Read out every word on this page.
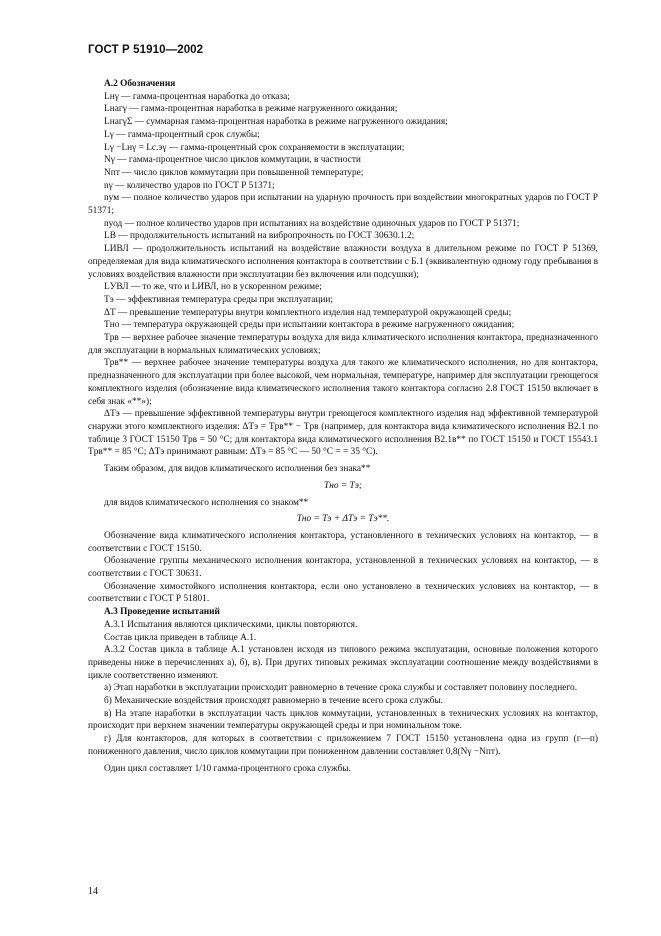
ГОСТ Р 51910—2002

А.2 Обозначения

Lнγ — гамма-процентная наработка до отказа;

Lнагγ — гамма-процентная наработка в режиме нагруженного ожидания;

LнагγΣ — суммарная гамма-процентная наработка в режиме нагруженного ожидания;

Lγ — гамма-процентный срок службы;

Lγ −Lнγ = Lс.эγ — гамма-процентный срок сохраняемости в эксплуатации;

Nγ — гамма-процентное число циклов коммутации, в частности

Nпт — число циклов коммутации при повышенной температуре;

nγ — количество ударов по ГОСТ Р 51371;

nум — полное количество ударов при испытании на ударную прочность при воздействии многократных ударов по ГОСТ Р 51371;

nуод — полное количество ударов при испытаниях на воздействие одиночных ударов по ГОСТ Р 51371;

LВ — продолжительность испытаний на вибропрочность по ГОСТ 30630.1.2;

LИВЛ — продолжительность испытаний на воздействие влажности воздуха в длительном режиме по ГОСТ Р 51369, определяемая для вида климатического исполнения контактора в соответствии с Б.1 (эквивалентную одному году пребывания в условиях воздействия влажности при эксплуатации без включения или подсушки);

LУВЛ — то же, что и LИВЛ, но в ускоренном режиме;

Tэ — эффективная температура среды при эксплуатации;

ΔT — превышение температуры внутри комплектного изделия над температурой окружающей среды;

Tно — температура окружающей среды при испытании контактора в режиме нагруженного ожидания;

Tрв — верхнее рабочее значение температуры воздуха для вида климатического исполнения контактора, предназначенного для эксплуатации в нормальных климатических условиях;

Tрв** — верхнее рабочее значение температуры воздуха для такого же климатического исполнения, но для контактора, предназначенного для эксплуатации при более высокой, чем нормальная, температуре, например для эксплуатации греющегося комплектного изделия (обозначение вида климатического исполнения такого контактора согласно 2.8 ГОСТ 15150 включает в себя знак «**»);

ΔTэ — превышение эффективной температуры внутри греющегося комплектного изделия над эффективной температурой снаружи этого комплектного изделия: ΔTэ = Tрв** − Tрв (например, для контактора вида климатического исполнения В2.1 по таблице 3 ГОСТ 15150 Tрв = 50 °С; для контактора вида климатического исполнения В2.1в** по ГОСТ 15150 и ГОСТ 15543.1 Tрв** = 85 °С; ΔTэ принимают равным: ΔTэ = 85 °С — 50 °С = = 35 °С).

Таким образом, для видов климатического исполнения без знака**

Tно = Tэ;

для видов климатического исполнения со знаком**

Tно = Tэ + ΔTэ = Tэ**.

Обозначение вида климатического исполнения контактора, установленного в технических условиях на контактор, — в соответствии с ГОСТ 15150.

Обозначение группы механического исполнения контактора, установленной в технических условиях на контактор, — в соответствии с ГОСТ 30631.

Обозначение химостойкого исполнения контактора, если оно установлено в технических условиях на контактор, — в соответствии с ГОСТ Р 51801.

А.3 Проведение испытаний

А.3.1 Испытания являются циклическими, циклы повторяются.

Состав цикла приведен в таблице А.1.

А.3.2 Состав цикла в таблице А.1 установлен исходя из типового режима эксплуатации, основные положения которого приведены ниже в перечислениях а), б), в). При других типовых режимах эксплуатации соотношение между воздействиями в цикле соответственно изменяют.

а) Этап наработки в эксплуатации происходит равномерно в течение срока службы и составляет половину последнего.

б) Механические воздействия происходят равномерно в течение всего срока службы.

в) На этапе наработки в эксплуатации часть циклов коммутации, установленных в технических условиях на контактор, происходит при верхнем значении температуры окружающей среды и при номинальном токе.

г) Для контакторов, для которых в соответствии с приложением 7 ГОСТ 15150 установлена одна из групп (г—п) пониженного давления, число циклов коммутации при пониженном давлении составляет 0,8(Nγ −Nпт).

Один цикл составляет 1/10 гамма-процентного срока службы.

14
